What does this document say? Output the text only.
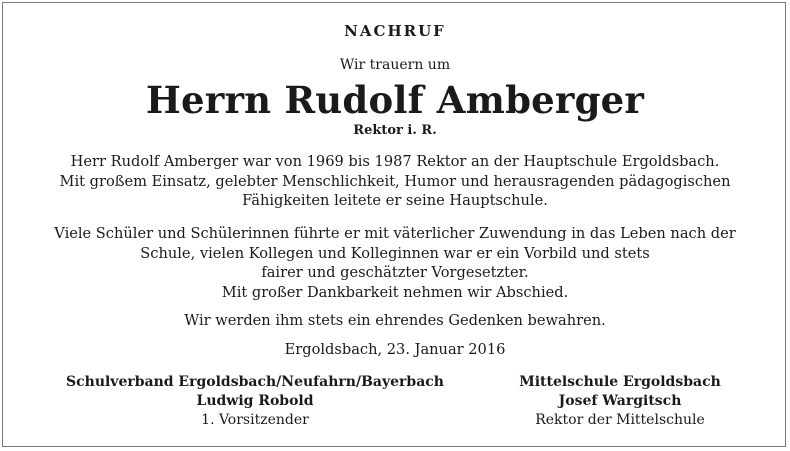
NACHRUF
Wir trauern um
Herrn Rudolf Amberger
Rektor i. R.
Herr Rudolf Amberger war von 1969 bis 1987 Rektor an der Hauptschule Ergoldsbach.
Mit großem Einsatz, gelebter Menschlichkeit, Humor und herausragenden pädagogischen
Fähigkeiten leitete er seine Hauptschule.
Viele Schüler und Schülerinnen führte er mit väterlicher Zuwendung in das Leben nach der
Schule, vielen Kollegen und Kolleginnen war er ein Vorbild und stets
fairer und geschätzter Vorgesetzter.
Mit großer Dankbarkeit nehmen wir Abschied.
Wir werden ihm stets ein ehrendes Gedenken bewahren.
Ergoldsbach, 23. Januar 2016
Schulverband Ergoldsbach/Neufahrn/Bayerbach
Ludwig Robold
1. Vorsitzender
Mittelschule Ergoldsbach
Josef Wargitsch
Rektor der Mittelschule
